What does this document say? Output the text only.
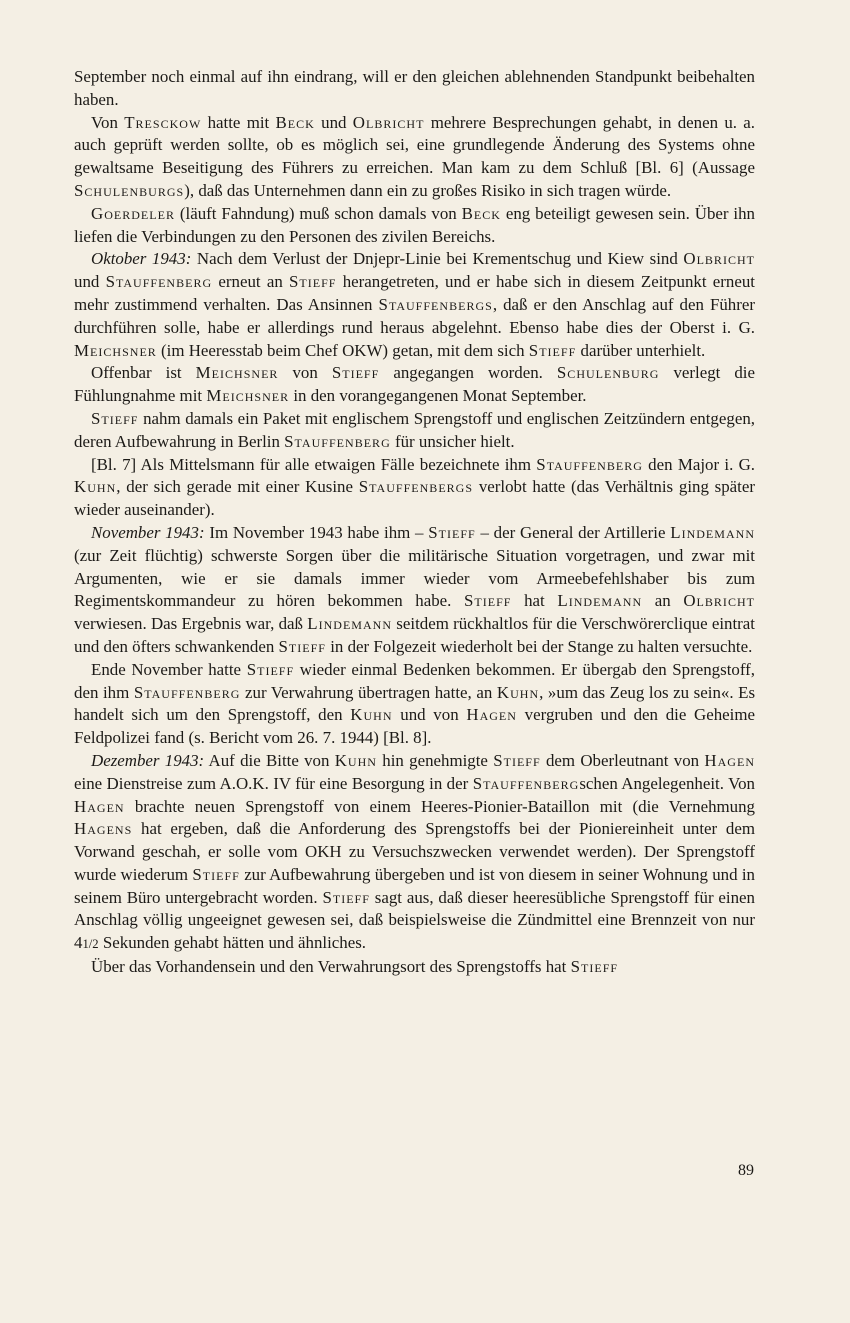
September noch einmal auf ihn eindrang, will er den gleichen ablehnenden Standpunkt beibehalten haben.

Von Tresckow hatte mit Beck und Olbricht mehrere Besprechungen gehabt, in denen u. a. auch geprüft werden sollte, ob es möglich sei, eine grundlegende Änderung des Systems ohne gewaltsame Beseitigung des Führers zu erreichen. Man kam zu dem Schluß [Bl. 6] (Aussage Schulenburgs), daß das Unternehmen dann ein zu großes Risiko in sich tragen würde.

Goerdeler (läuft Fahndung) muß schon damals von Beck eng beteiligt gewesen sein. Über ihn liefen die Verbindungen zu den Personen des zivilen Bereichs.

Oktober 1943: Nach dem Verlust der Dnjepr-Linie bei Krementschug und Kiew sind Olbricht und Stauffenberg erneut an Stieff herangetreten, und er habe sich in diesem Zeitpunkt erneut mehr zustimmend verhalten. Das Ansinnen Stauffenbergs, daß er den Anschlag auf den Führer durchführen solle, habe er allerdings rund heraus abgelehnt. Ebenso habe dies der Oberst i. G. Meichsner (im Heeresstab beim Chef OKW) getan, mit dem sich Stieff darüber unterhielt.

Offenbar ist Meichsner von Stieff angegangen worden. Schulenburg verlegt die Fühlungnahme mit Meichsner in den vorangegangenen Monat September.

Stieff nahm damals ein Paket mit englischem Sprengstoff und englischen Zeitzündern entgegen, deren Aufbewahrung in Berlin Stauffenberg für unsicher hielt.

[Bl. 7] Als Mittelsmann für alle etwaigen Fälle bezeichnete ihm Stauffenberg den Major i. G. Kuhn, der sich gerade mit einer Kusine Stauffenbergs verlobt hatte (das Verhältnis ging später wieder auseinander).

November 1943: Im November 1943 habe ihm – Stieff – der General der Artillerie Lindemann (zur Zeit flüchtig) schwerste Sorgen über die militärische Situation vorgetragen, und zwar mit Argumenten, wie er sie damals immer wieder vom Armeebefehlshaber bis zum Regimentskommandeur zu hören bekommen habe. Stieff hat Lindemann an Olbricht verwiesen. Das Ergebnis war, daß Lindemann seitdem rückhaltlos für die Verschwörerclique eintrat und den öfters schwankenden Stieff in der Folgezeit wiederholt bei der Stange zu halten versuchte.

Ende November hatte Stieff wieder einmal Bedenken bekommen. Er übergab den Sprengstoff, den ihm Stauffenberg zur Verwahrung übertragen hatte, an Kuhn, »um das Zeug los zu sein«. Es handelt sich um den Sprengstoff, den Kuhn und von Hagen vergruben und den die Geheime Feldpolizei fand (s. Bericht vom 26. 7. 1944) [Bl. 8].

Dezember 1943: Auf die Bitte von Kuhn hin genehmigte Stieff dem Oberleutnant von Hagen eine Dienstreise zum A.O.K. IV für eine Besorgung in der Stauffenbergschen Angelegenheit. Von Hagen brachte neuen Sprengstoff von einem Heeres-Pionier-Bataillon mit (die Vernehmung Hagens hat ergeben, daß die Anforderung des Sprengstoffs bei der Pioniereinheit unter dem Vorwand geschah, er solle vom OKH zu Versuchszwecken verwendet werden). Der Sprengstoff wurde wiederum Stieff zur Aufbewahrung übergeben und ist von diesem in seiner Wohnung und in seinem Büro untergebracht worden. Stieff sagt aus, daß dieser heeresübliche Sprengstoff für einen Anschlag völlig ungeeignet gewesen sei, daß beispielsweise die Zündmittel eine Brennzeit von nur 41/2 Sekunden gehabt hätten und ähnliches.

Über das Vorhandensein und den Verwahrungsort des Sprengstoffs hat Stieff

89
